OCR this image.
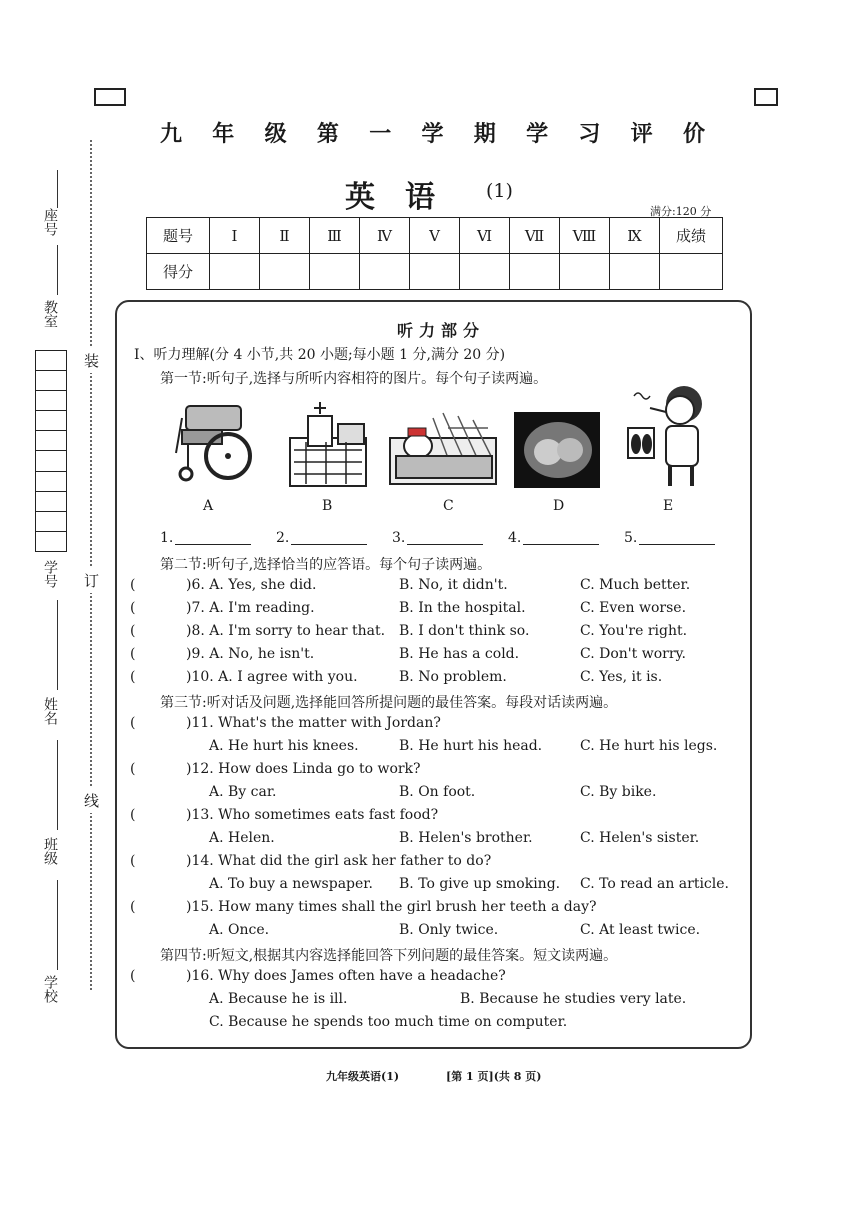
九 年 级 第 一 学 期 学 习 评 价
英语 (1)
满分:120 分
题号	Ⅰ	Ⅱ	Ⅲ	Ⅳ	Ⅴ	Ⅵ	Ⅶ	Ⅷ	Ⅸ	成绩
得分										
座号
教室
学号
姓名
班级
学校
装
订
线
听力部分
Ⅰ、听力理解(分 4 小节,共 20 小题;每小题 1 分,满分 20 分)
第一节:听句子,选择与所听内容相符的图片。每个句子读两遍。
A	B	C	D	E
1.	2.	3.	4.	5.
第二节:听句子,选择恰当的应答语。每个句子读两遍。
(	)6. A. Yes, she did.	B. No, it didn't.	C. Much better.
(	)7. A. I'm reading.	B. In the hospital.	C. Even worse.
(	)8. A. I'm sorry to hear that. B. I don't think so.	C. You're right.
(	)9. A. No, he isn't.	B. He has a cold.	C. Don't worry.
(	)10. A. I agree with you.	B. No problem.	C. Yes, it is.
第三节:听对话及问题,选择能回答所提问题的最佳答案。每段对话读两遍。
(	)11. What's the matter with Jordan?
A. He hurt his knees.	B. He hurt his head.	C. He hurt his legs.
(	)12. How does Linda go to work?
A. By car.	B. On foot.	C. By bike.
(	)13. Who sometimes eats fast food?
A. Helen.	B. Helen's brother.	C. Helen's sister.
(	)14. What did the girl ask her father to do?
A. To buy a newspaper. B. To give up smoking. C. To read an article.
(	)15. How many times shall the girl brush her teeth a day?
A. Once.	B. Only twice.	C. At least twice.
第四节:听短文,根据其内容选择能回答下列问题的最佳答案。短文读两遍。
(	)16. Why does James often have a headache?
A. Because he is ill.	B. Because he studies very late.
C. Because he spends too much time on computer.
九年级英语(1)	[第 1 页](共 8 页)
